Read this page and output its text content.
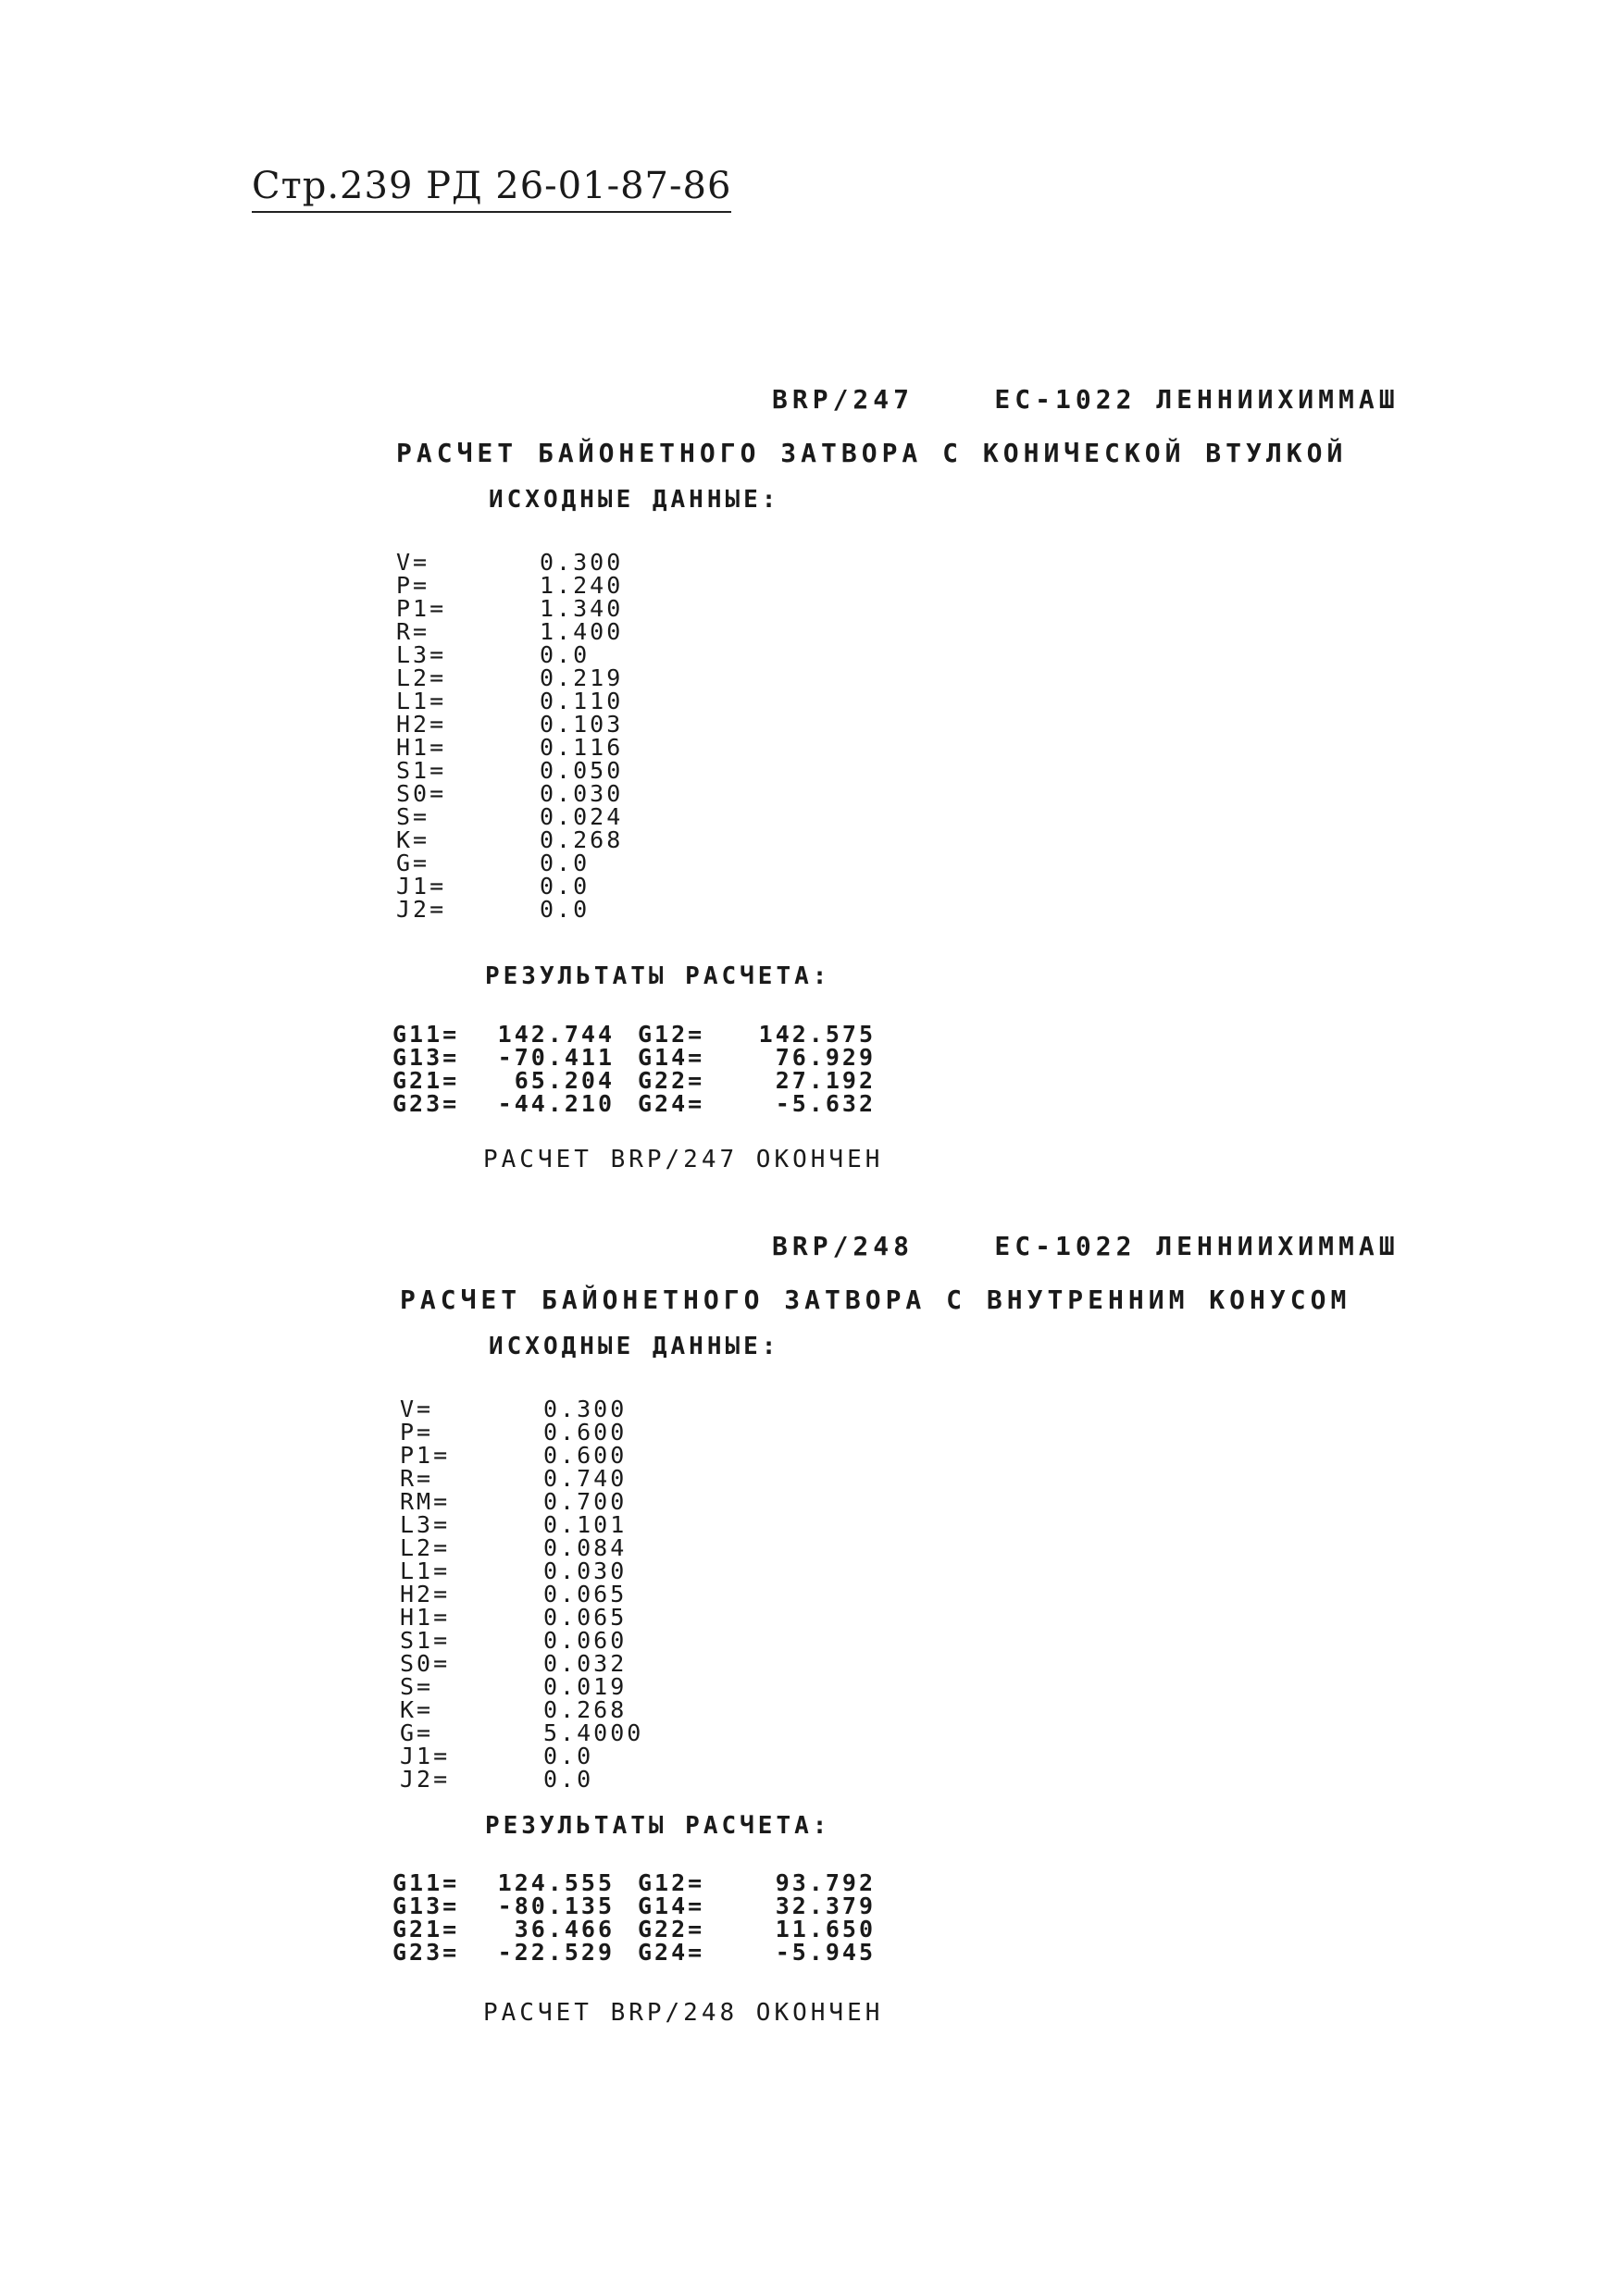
Стр.239 РД 26-01-87-86
BRP/247    ЕС-1022 ЛЕННИИХИММАШ
РАСЧЕТ БАЙОНЕТНОГО ЗАТВОРА С КОНИЧЕСКОЙ ВТУЛКОЙ
ИСХОДНЫЕ ДАННЫЕ:
V=	0.300
P=	1.240
P1=	1.340
R=	1.400
L3=	0.0
L2=	0.219
L1=	0.110
H2=	0.103
H1=	0.116
S1=	0.050
S0=	0.030
S=	0.024
K=	0.268
G=	0.0
J1=	0.0
J2=	0.0
РЕЗУЛЬТАТЫ РАСЧЕТА:
G11=	142.744 G12=	142.575
G13=	-70.411 G14=	76.929
G21=	65.204 G22=	27.192
G23=	-44.210 G24=	-5.632
РАСЧЕТ BRP/247 ОКОНЧЕН
BRP/248    ЕС-1022 ЛЕННИИХИММАШ
РАСЧЕТ БАЙОНЕТНОГО ЗАТВОРА С ВНУТРЕННИМ КОНУСОМ
ИСХОДНЫЕ ДАННЫЕ:
V=	0.300
P=	0.600
P1=	0.600
R=	0.740
RM=	0.700
L3=	0.101
L2=	0.084
L1=	0.030
H2=	0.065
H1=	0.065
S1=	0.060
S0=	0.032
S=	0.019
K=	0.268
G=	5.4000
J1=	0.0
J2=	0.0
РЕЗУЛЬТАТЫ РАСЧЕТА:
G11=	124.555 G12=	93.792
G13=	-80.135 G14=	32.379
G21=	36.466 G22=	11.650
G23=	-22.529 G24=	-5.945
РАСЧЕТ BRP/248 ОКОНЧЕН
